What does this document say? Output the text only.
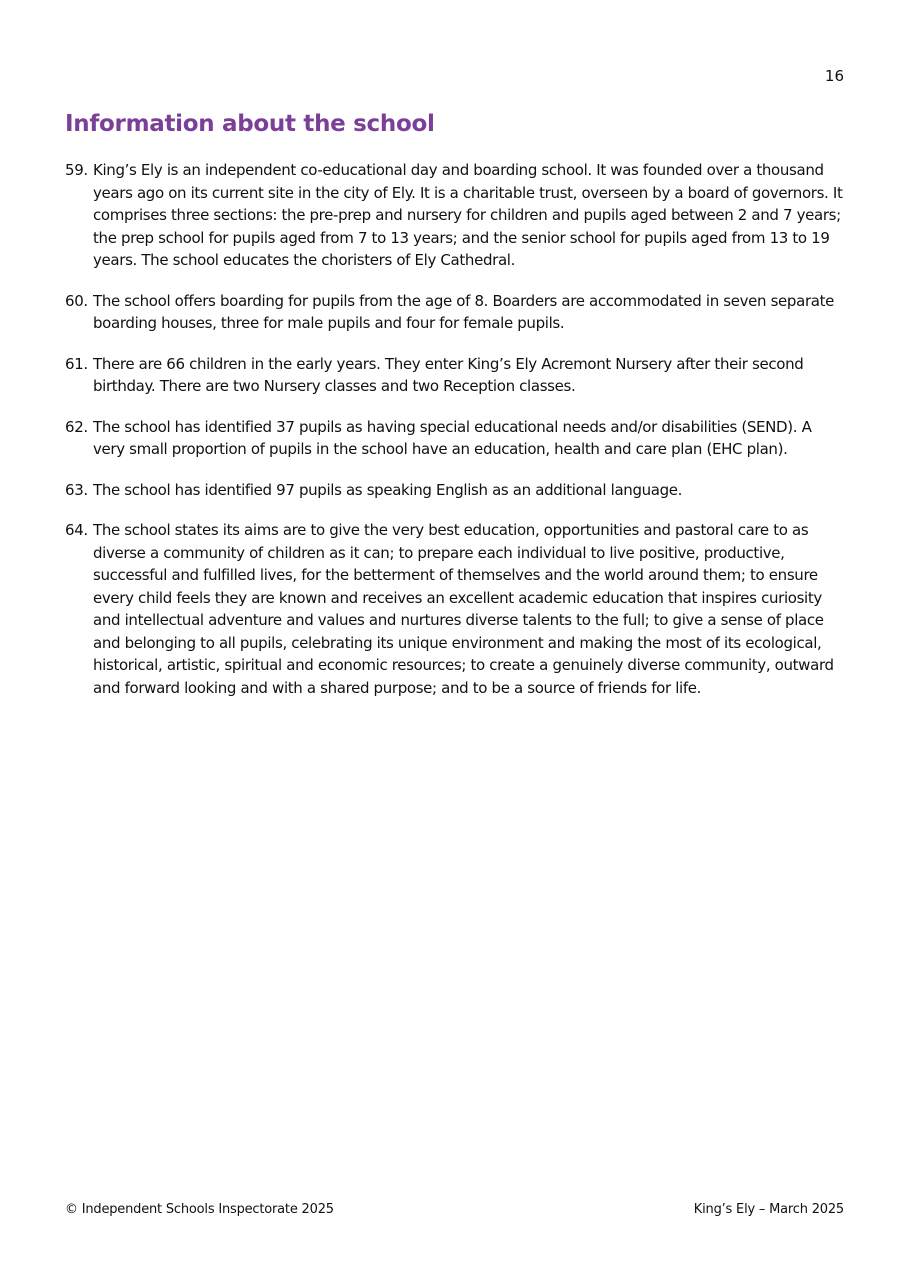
16
Information about the school
59. King’s Ely is an independent co-educational day and boarding school. It was founded over a thousand years ago on its current site in the city of Ely. It is a charitable trust, overseen by a board of governors. It comprises three sections: the pre-prep and nursery for children and pupils aged between 2 and 7 years; the prep school for pupils aged from 7 to 13 years; and the senior school for pupils aged from 13 to 19 years. The school educates the choristers of Ely Cathedral.
60. The school offers boarding for pupils from the age of 8. Boarders are accommodated in seven separate boarding houses, three for male pupils and four for female pupils.
61. There are 66 children in the early years. They enter King’s Ely Acremont Nursery after their second birthday. There are two Nursery classes and two Reception classes.
62. The school has identified 37 pupils as having special educational needs and/or disabilities (SEND). A very small proportion of pupils in the school have an education, health and care plan (EHC plan).
63. The school has identified 97 pupils as speaking English as an additional language.
64. The school states its aims are to give the very best education, opportunities and pastoral care to as diverse a community of children as it can; to prepare each individual to live positive, productive, successful and fulfilled lives, for the betterment of themselves and the world around them; to ensure every child feels they are known and receives an excellent academic education that inspires curiosity and intellectual adventure and values and nurtures diverse talents to the full; to give a sense of place and belonging to all pupils, celebrating its unique environment and making the most of its ecological, historical, artistic, spiritual and economic resources; to create a genuinely diverse community, outward and forward looking and with a shared purpose; and to be a source of friends for life.
© Independent Schools Inspectorate 2025	King’s Ely – March 2025
